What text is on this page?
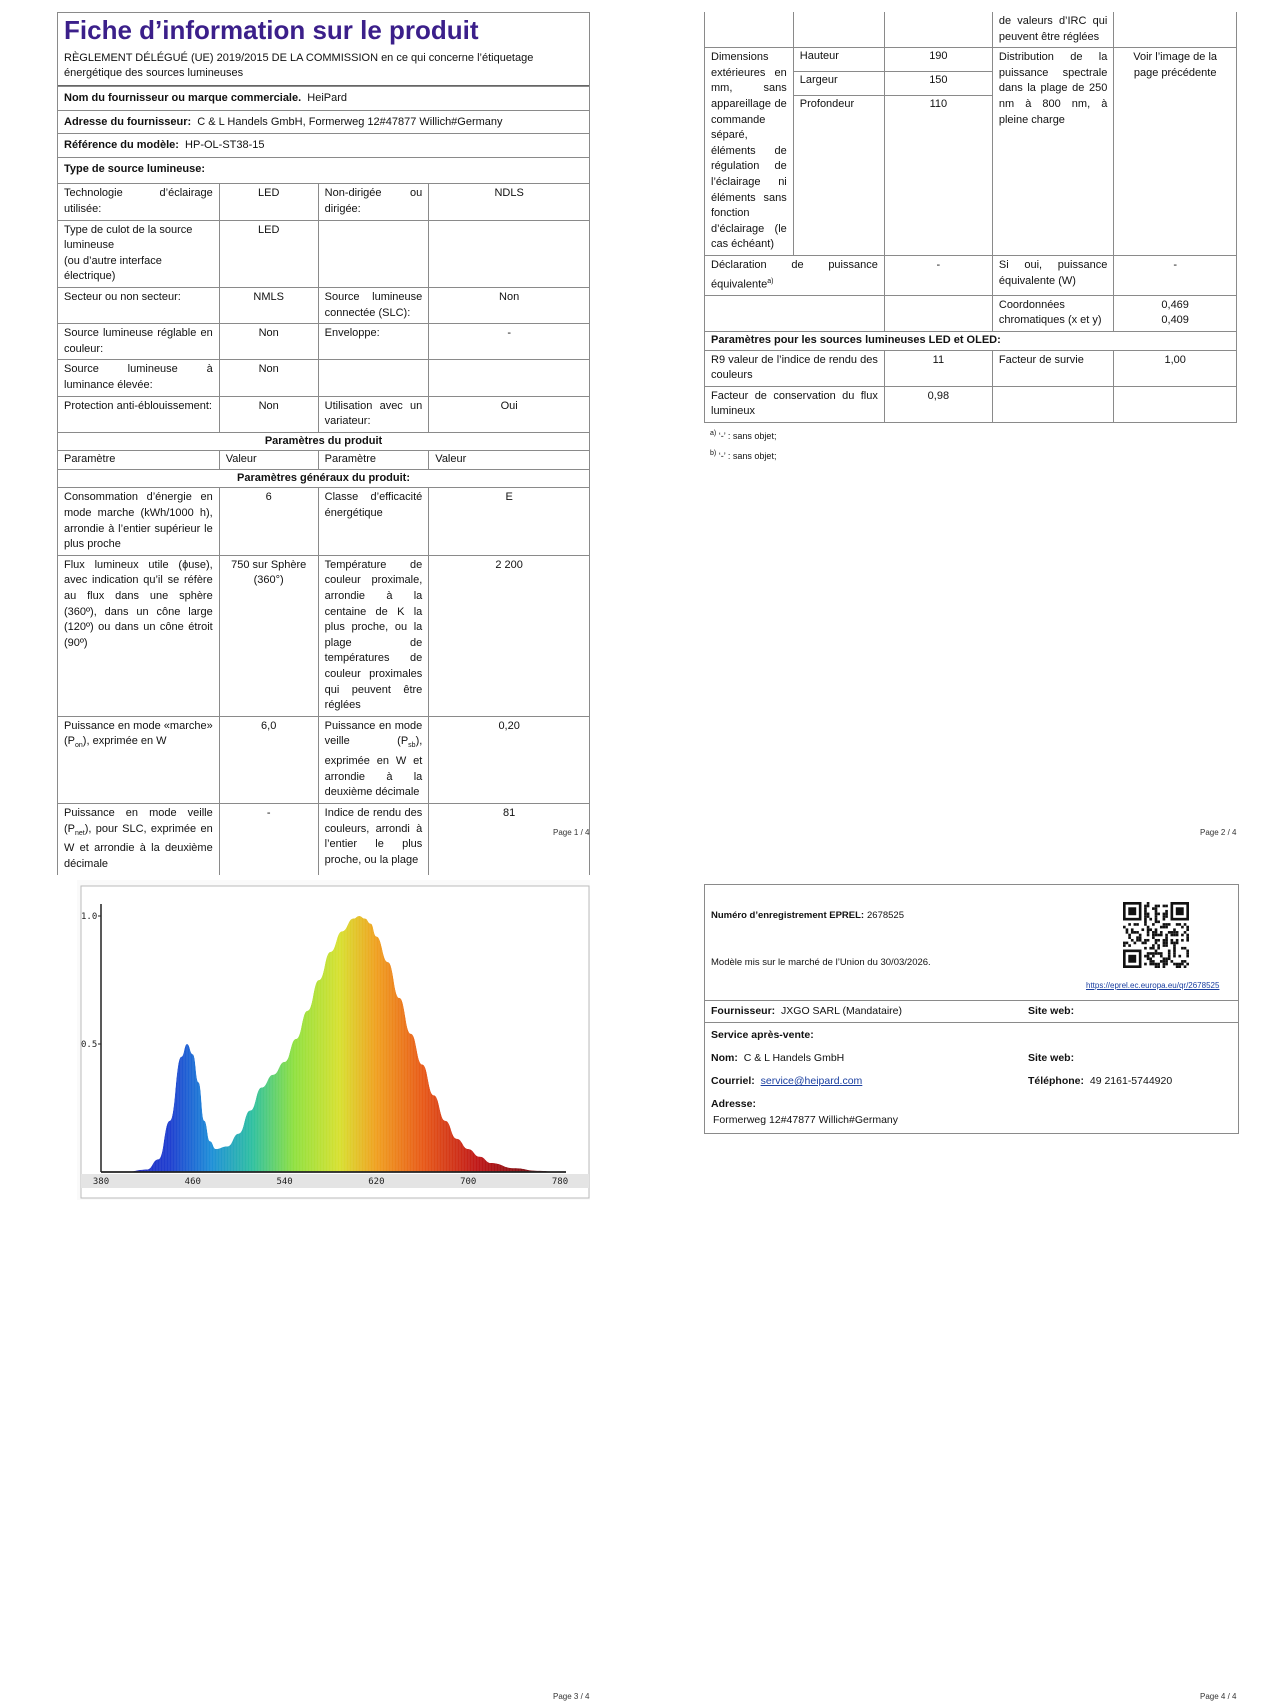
Fiche d’information sur le produit
RÈGLEMENT DÉLÉGUÉ (UE) 2019/2015 DE LA COMMISSION en ce qui concerne l’étiquetage énergétique des sources lumineuses
Nom du fournisseur ou marque commerciale. HeiPard			
Adresse du fournisseur: C & L Handels GmbH, Formerweg 12#47877 Willich#Germany			
Référence du modèle: HP-OL-ST38-15			
Type de source lumineuse:			
Technologie d’éclairage utilisée:	LED	Non-dirigée ou dirigée:	NDLS

Type de culot de la source lumineuse
(ou d’autre interface électrique)	LED		
Secteur ou non secteur:	NMLS	Source lumineuse connectée (SLC):	Non
Source lumineuse réglable en couleur:	Non	Enveloppe:	-
Source lumineuse à luminance élevée:	Non		
Protection anti-éblouissement:	Non	Utilisation avec un variateur:	Oui
Paramètres du produit			
Paramètre	Valeur	Paramètre	Valeur
Paramètres généraux du produit:			
Consommation d’énergie en mode marche (kWh/1000 h), arrondie à l’entier supérieur le plus proche	6	Classe d’efficacité énergétique	E
Flux lumineux utile (ϕuse), avec indication qu’il se réfère au flux dans une sphère (360º), dans un cône large (120º) ou dans un cône étroit (90º)	750 sur Sphère (360°)	Température de couleur proximale, arrondie à la centaine de K la plus proche, ou la plage de températures de couleur proximales qui peuvent être réglées	2 200
Puissance en mode «marche» $(P_{on})$, exprimée en W	6,0	Puissance en mode veille $(P_{sb})$, exprimée en W et arrondie à la deuxième décimale	0,20
Puissance en mode veille $(P_{net})$, pour SLC, exprimée en W et arrondie à la deuxième décimale	-	Indice de rendu des couleurs, arrondi à l’entier le plus proche, ou la plage	81
Page 1 / 4
			de valeurs d’IRC qui peuvent être réglées	
Dimensions extérieures en mm, sans appareillage de commande séparé, éléments de régulation de l’éclairage ni éléments sans fonction d’éclairage (le cas échéant)	Hauteur	190	Distribution de la puissance spectrale dans la plage de 250 nm à 800 nm, à pleine charge	Voir l’image de la page précédente
	Largeur	150		
	Profondeur	110		
Déclaration de puissance équivalente$^{a)}$		-	Si oui, puissance équivalente (W)	-
			Coordonnées chromatiques (x et y)	0,469
0,409

Paramètres pour les sources lumineuses LED et OLED:				
R9 valeur de l’indice de rendu des couleurs		11	Facteur de survie	1,00
Facteur de conservation du flux lumineux		0,98		
$^{a)}$ ‘-’ : sans objet;
$^{b)}$ ‘-’ : sans objet;
Page 2 / 4
380	460	540	620	700	780
1.0
0.5
Page 3 / 4
Numéro d’enregistrement EPREL: 2678525
Modèle mis sur le marché de l’Union du 30/03/2026.
https://eprel.ec.europa.eu/qr/2678525
Fournisseur: JXGO SARL (Mandataire)	Site web:
Service après-vente:
Nom: C & L Handels GmbH	Site web:
Courriel: service@heipard.com	Téléphone: 49 2161-5744920
Adresse:
Formerweg 12#47877 Willich#Germany
Page 4 / 4
